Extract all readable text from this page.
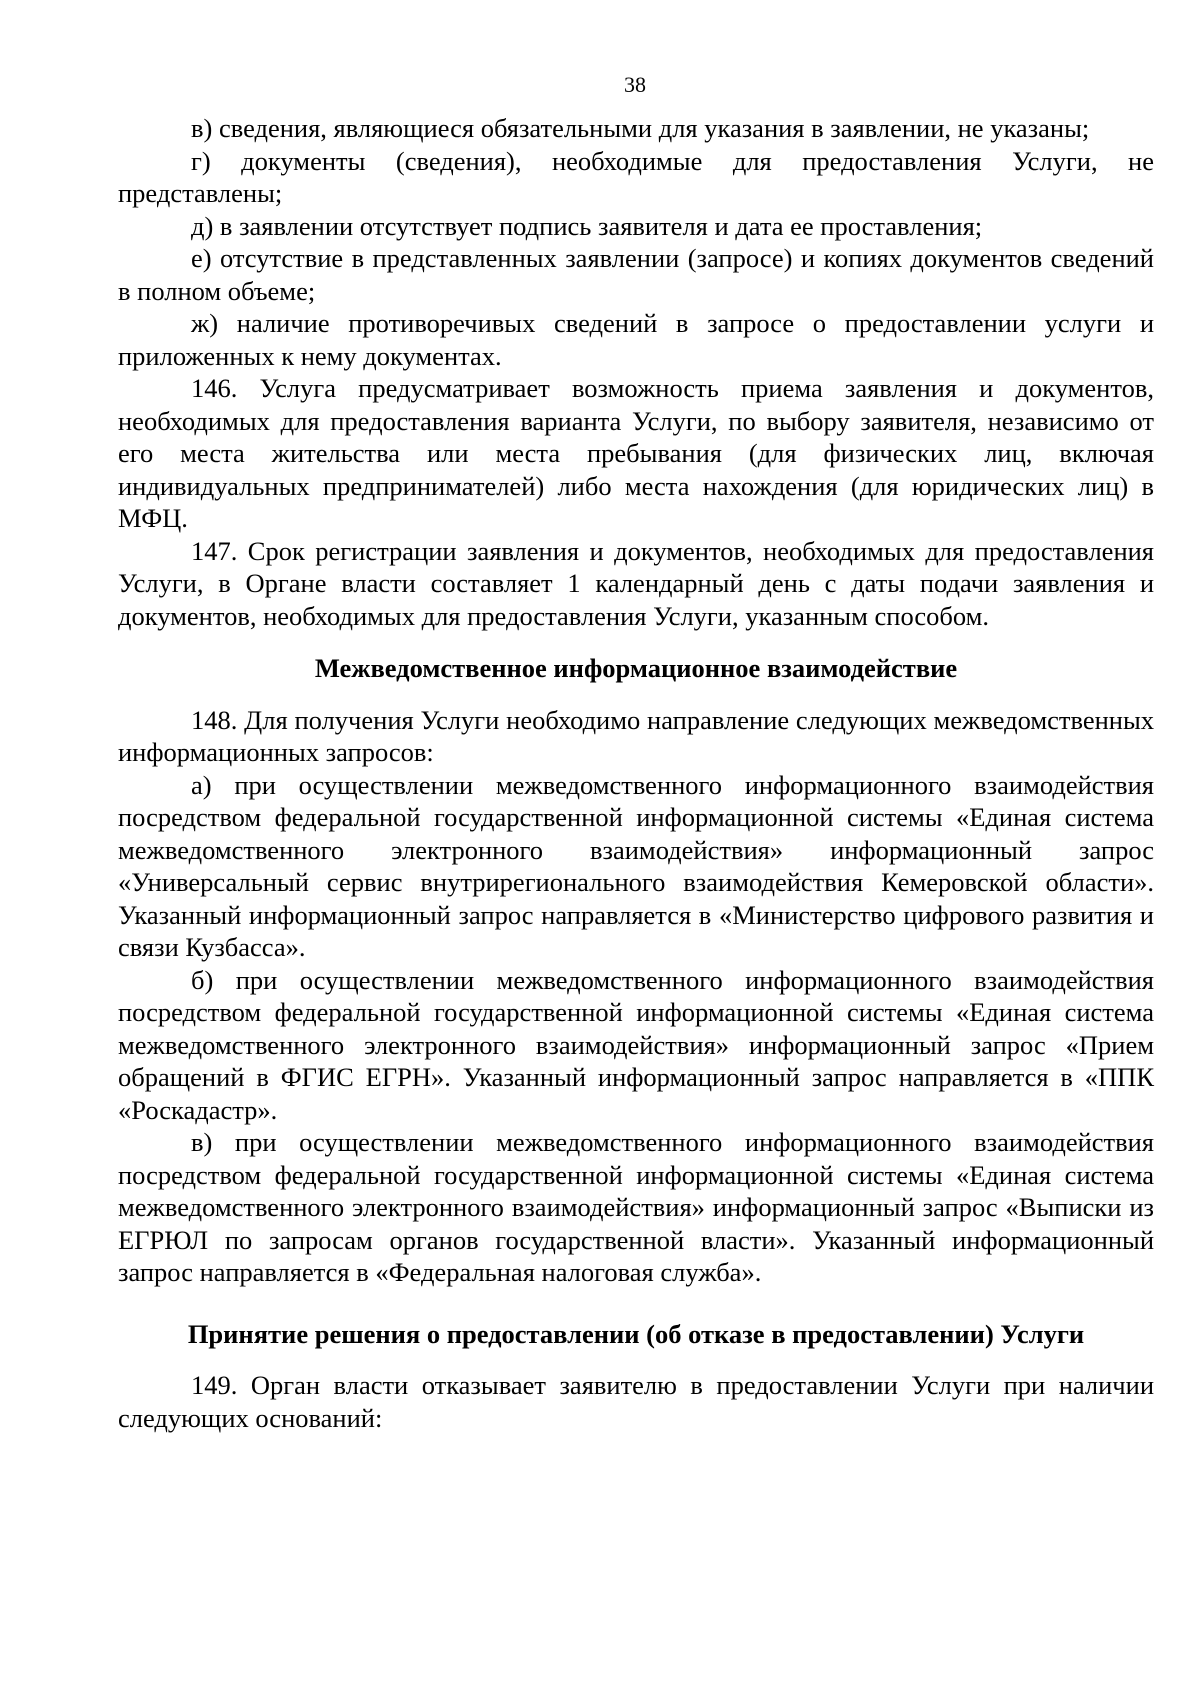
38

в) сведения, являющиеся обязательными для указания в заявлении, не указаны;

г) документы (сведения), необходимые для предоставления Услуги, не представлены;

д) в заявлении отсутствует подпись заявителя и дата ее проставления;

е) отсутствие в представленных заявлении (запросе) и копиях документов сведений в полном объеме;

ж) наличие противоречивых сведений в запросе о предоставлении услуги и приложенных к нему документах.

146. Услуга предусматривает возможность приема заявления и документов, необходимых для предоставления варианта Услуги, по выбору заявителя, независимо от его места жительства или места пребывания (для физических лиц, включая индивидуальных предпринимателей) либо места нахождения (для юридических лиц) в МФЦ.

147. Срок регистрации заявления и документов, необходимых для предоставления Услуги, в Органе власти составляет 1 календарный день с даты подачи заявления и документов, необходимых для предоставления Услуги, указанным способом.

Межведомственное информационное взаимодействие

148. Для получения Услуги необходимо направление следующих межведомственных информационных запросов:

а) при осуществлении межведомственного информационного взаимодействия посредством федеральной государственной информационной системы «Единая система межведомственного электронного взаимодействия» информационный запрос «Универсальный сервис внутрирегионального взаимодействия Кемеровской области». Указанный информационный запрос направляется в «Министерство цифрового развития и связи Кузбасса».

б) при осуществлении межведомственного информационного взаимодействия посредством федеральной государственной информационной системы «Единая система межведомственного электронного взаимодействия» информационный запрос «Прием обращений в ФГИС ЕГРН». Указанный информационный запрос направляется в «ППК «Роскадастр».

в) при осуществлении межведомственного информационного взаимодействия посредством федеральной государственной информационной системы «Единая система межведомственного электронного взаимодействия» информационный запрос «Выписки из ЕГРЮЛ по запросам органов государственной власти». Указанный информационный запрос направляется в «Федеральная налоговая служба».

Принятие решения о предоставлении (об отказе в предоставлении) Услуги

149. Орган власти отказывает заявителю в предоставлении Услуги при наличии следующих оснований:
